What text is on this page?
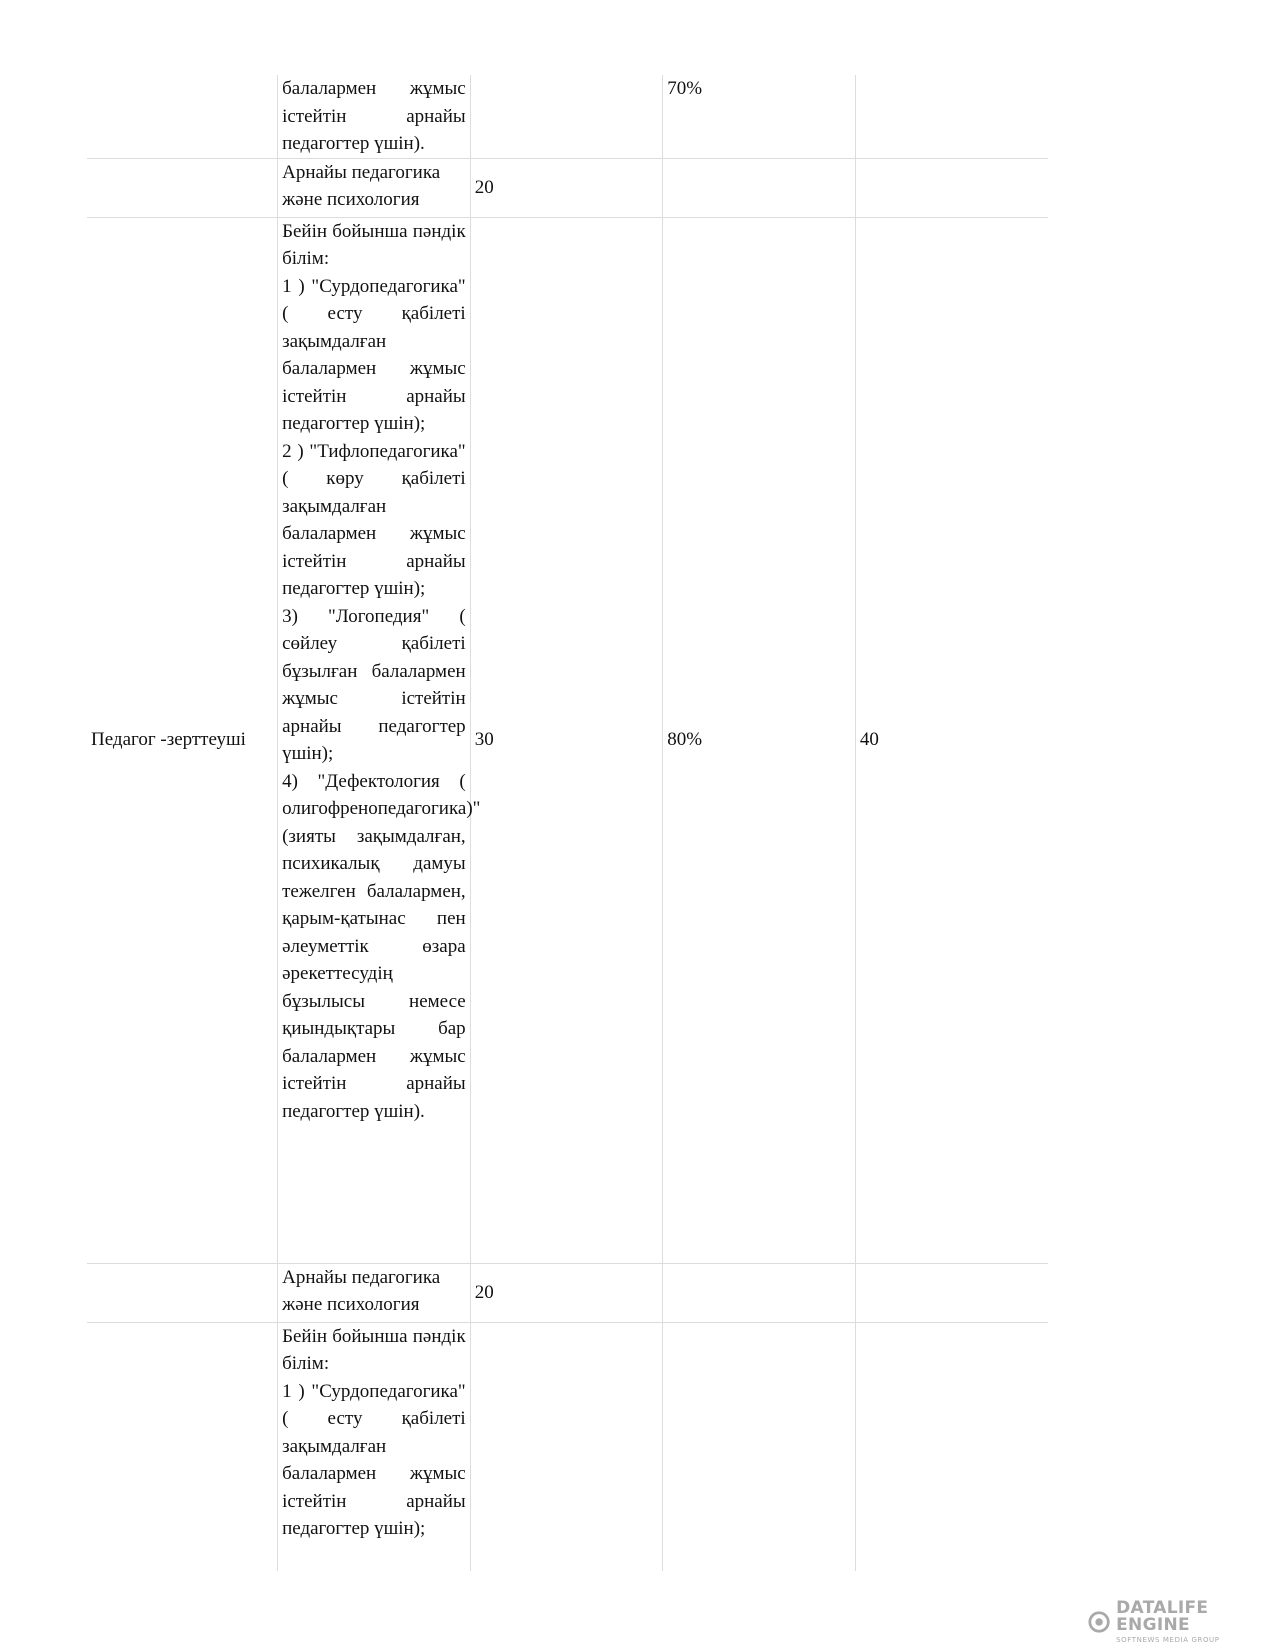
	балалармен жұмыс істейтін арнайы педагогтер үшін).		70%	
	Арнайы педагогика және психология	20		
Педагог -зерттеуші	Бейін бойынша пәндік білім:
1 ) "Сурдопедагогика" ( есту қабілеті зақымдалған балалармен жұмыс істейтін арнайы педагогтер үшін);
2 ) "Тифлопедагогика" ( көру қабілеті зақымдалған балалармен жұмыс істейтін арнайы педагогтер үшін);
3) "Логопедия" ( сөйлеу қабілеті бұзылған балалармен жұмыс істейтін арнайы педагогтер үшін);
4) "Дефектология ( олигофренопедагогика)" (зияты зақымдалған, психикалық дамуы тежелген балалармен, қарым-қатынас пен әлеуметтік өзара әрекеттесудің бұзылысы немесе қиындықтары бар балалармен жұмыс істейтін арнайы педагогтер үшін).	30	80%	40
	Арнайы педагогика және психология	20		
	Бейін бойынша пәндік білім:
1 ) "Сурдопедагогика" ( есту қабілеті зақымдалған балалармен жұмыс істейтін арнайы педагогтер үшін);			
DATALIFE ENGINE
SOFTNEWS MEDIA GROUP
